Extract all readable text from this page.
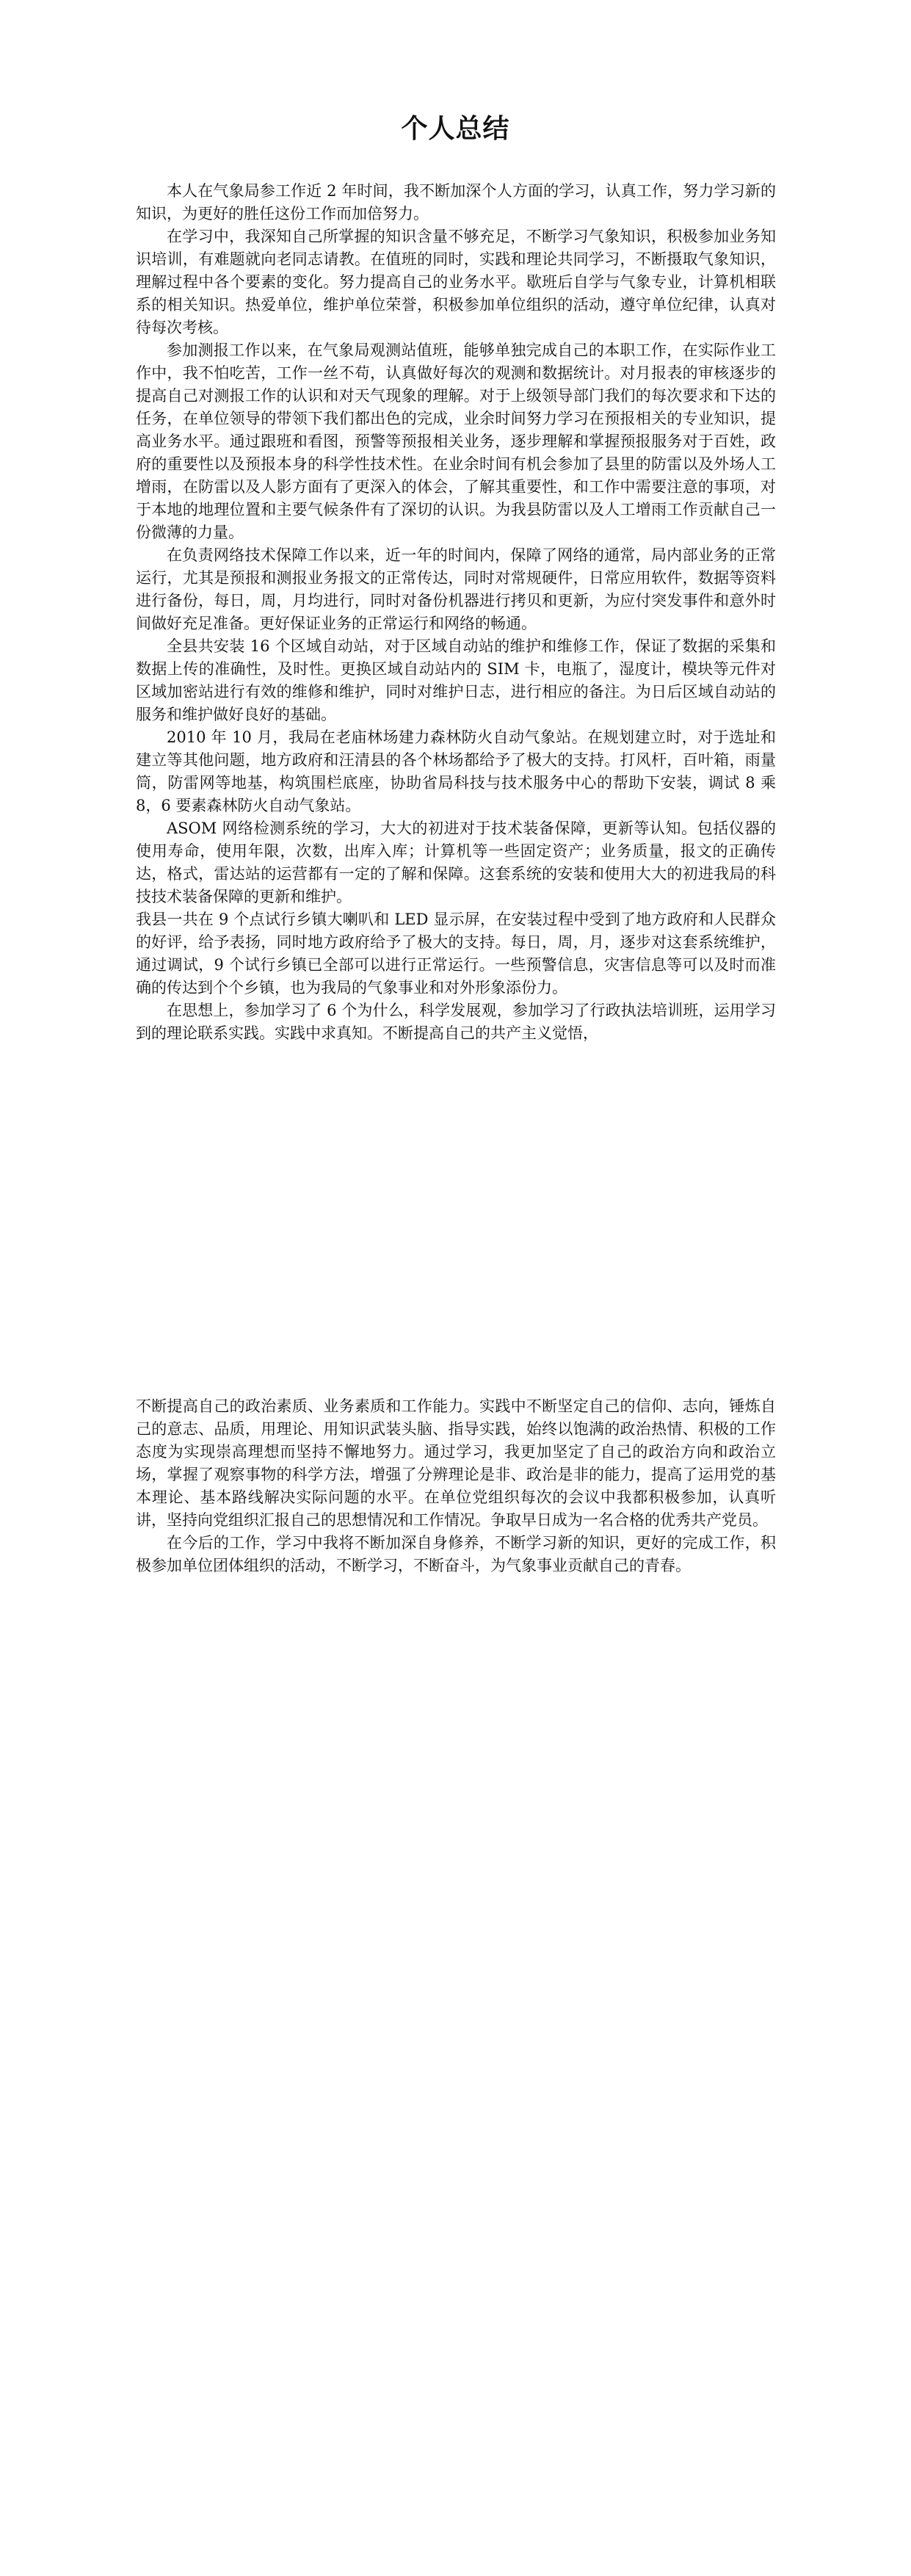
个人总结

本人在气象局参工作近 2 年时间，我不断加深个人方面的学习，认真工作，努力学习新的知识，为更好的胜任这份工作而加倍努力。

在学习中，我深知自己所掌握的知识含量不够充足，不断学习气象知识，积极参加业务知识培训，有难题就向老同志请教。在值班的同时，实践和理论共同学习，不断摄取气象知识，理解过程中各个要素的变化。努力提高自己的业务水平。歇班后自学与气象专业，计算机相联系的相关知识。热爱单位，维护单位荣誉，积极参加单位组织的活动，遵守单位纪律，认真对待每次考核。

参加测报工作以来，在气象局观测站值班，能够单独完成自己的本职工作，在实际作业工作中，我不怕吃苦，工作一丝不苟，认真做好每次的观测和数据统计。对月报表的审核逐步的提高自己对测报工作的认识和对天气现象的理解。对于上级领导部门我们的每次要求和下达的任务，在单位领导的带领下我们都出色的完成，业余时间努力学习在预报相关的专业知识，提高业务水平。通过跟班和看图，预警等预报相关业务，逐步理解和掌握预报服务对于百姓，政府的重要性以及预报本身的科学性技术性。在业余时间有机会参加了县里的防雷以及外场人工增雨，在防雷以及人影方面有了更深入的体会，了解其重要性，和工作中需要注意的事项，对于本地的地理位置和主要气候条件有了深切的认识。为我县防雷以及人工增雨工作贡献自己一份微薄的力量。

在负责网络技术保障工作以来，近一年的时间内，保障了网络的通常，局内部业务的正常运行，尤其是预报和测报业务报文的正常传达，同时对常规硬件，日常应用软件，数据等资料进行备份，每日，周，月均进行，同时对备份机器进行拷贝和更新，为应付突发事件和意外时间做好充足准备。更好保证业务的正常运行和网络的畅通。

全县共安装 16 个区域自动站，对于区域自动站的维护和维修工作，保证了数据的采集和数据上传的准确性，及时性。更换区域自动站内的 SIM 卡，电瓶了，湿度计，模块等元件对区域加密站进行有效的维修和维护，同时对维护日志，进行相应的备注。为日后区域自动站的服务和维护做好良好的基础。

2010 年 10 月，我局在老庙林场建力森林防火自动气象站。在规划建立时，对于选址和建立等其他问题，地方政府和汪清县的各个林场都给予了极大的支持。打风杆，百叶箱，雨量筒，防雷网等地基，构筑围栏底座，协助省局科技与技术服务中心的帮助下安装，调试 8 乘 8，6 要素森林防火自动气象站。

ASOM 网络检测系统的学习，大大的初进对于技术装备保障，更新等认知。包括仪器的使用寿命，使用年限，次数，出库入库；计算机等一些固定资产；业务质量，报文的正确传达，格式，雷达站的运营都有一定的了解和保障。这套系统的安装和使用大大的初进我局的科技技术装备保障的更新和维护。

我县一共在 9 个点试行乡镇大喇叭和 LED 显示屏，在安装过程中受到了地方政府和人民群众的好评，给予表扬，同时地方政府给予了极大的支持。每日，周，月，逐步对这套系统维护，通过调试，9 个试行乡镇已全部可以进行正常运行。一些预警信息，灾害信息等可以及时而准确的传达到个个乡镇，也为我局的气象事业和对外形象添份力。

在思想上，参加学习了 6 个为什么，科学发展观，参加学习了行政执法培训班，运用学习到的理论联系实践。实践中求真知。不断提高自己的共产主义觉悟，

不断提高自己的政治素质、业务素质和工作能力。实践中不断坚定自己的信仰、志向，锤炼自己的意志、品质，用理论、用知识武装头脑、指导实践，始终以饱满的政治热情、积极的工作态度为实现崇高理想而坚持不懈地努力。通过学习，我更加坚定了自己的政治方向和政治立场，掌握了观察事物的科学方法，增强了分辨理论是非、政治是非的能力，提高了运用党的基本理论、基本路线解决实际问题的水平。在单位党组织每次的会议中我都积极参加，认真听讲，坚持向党组织汇报自己的思想情况和工作情况。争取早日成为一名合格的优秀共产党员。

在今后的工作，学习中我将不断加深自身修养，不断学习新的知识，更好的完成工作，积极参加单位团体组织的活动，不断学习，不断奋斗，为气象事业贡献自己的青春。
